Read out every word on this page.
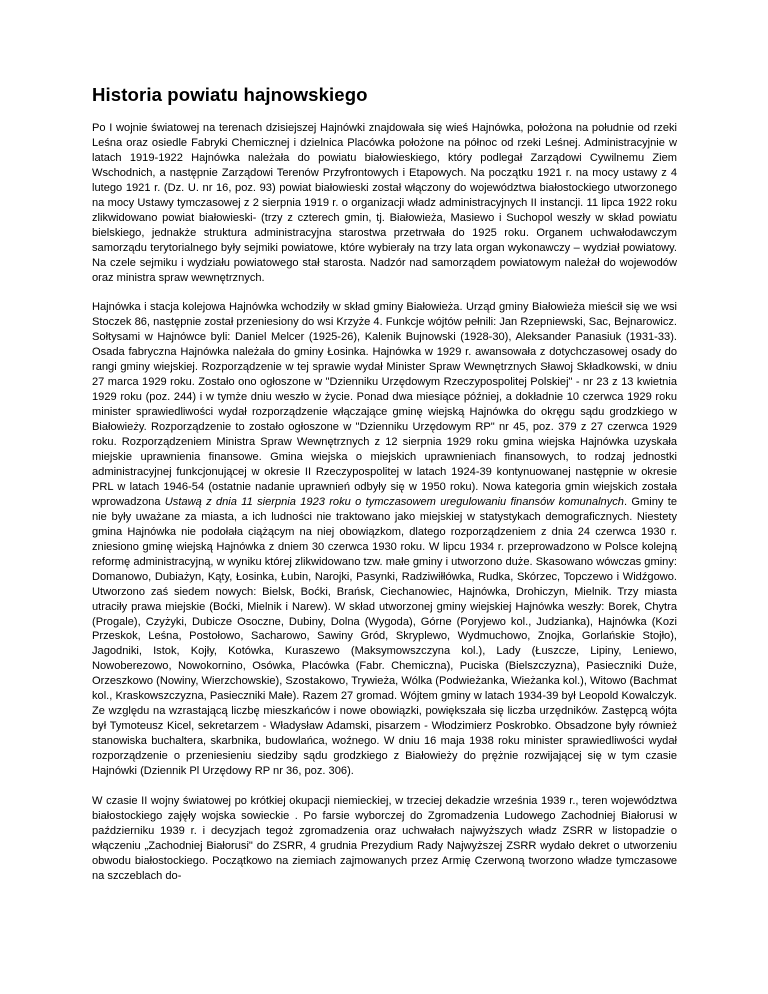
Historia powiatu hajnowskiego

Po I wojnie światowej na terenach dzisiejszej Hajnówki znajdowała się wieś Hajnówka, położona na południe od rzeki Leśna oraz osiedle Fabryki Chemicznej i dzielnica Placówka położone na północ od rzeki Leśnej. Administracyjnie w latach 1919-1922 Hajnówka należała do powiatu białowieskiego, który podlegał Zarządowi Cywilnemu Ziem Wschodnich, a następnie Zarządowi Terenów Przyfrontowych i Etapowych. Na początku 1921 r. na mocy ustawy z 4 lutego 1921 r. (Dz. U. nr 16, poz. 93) powiat białowieski został włączony do województwa białostockiego utworzonego na mocy Ustawy tymczasowej z 2 sierpnia 1919 r. o organizacji władz administracyjnych II instancji. 11 lipca 1922 roku zlikwidowano powiat białowieski- (trzy z czterech gmin, tj. Białowieża, Masiewo i Suchopol weszły w skład powiatu bielskiego, jednakże struktura administracyjna starostwa przetrwała do 1925 roku. Organem uchwałodawczym samorządu terytorialnego były sejmiki powiatowe, które wybierały na trzy lata organ wykonawczy – wydział powiatowy. Na czele sejmiku i wydziału powiatowego stał starosta. Nadzór nad samorządem powiatowym należał do wojewodów oraz ministra spraw wewnętrznych.

Hajnówka i stacja kolejowa Hajnówka wchodziły w skład gminy Białowieża. Urząd gminy Białowieża mieścił się we wsi Stoczek 86, następnie został przeniesiony do wsi Krzyże 4. Funkcje wójtów pełnili: Jan Rzepniewski, Sac, Bejnarowicz. Sołtysami w Hajnówce byli: Daniel Melcer (1925-26), Kalenik Bujnowski (1928-30), Aleksander Panasiuk (1931-33). Osada fabryczna Hajnówka należała do gminy Łosinka. Hajnówka w 1929 r. awansowała z dotychczasowej osady do rangi gminy wiejskiej. Rozporządzenie w tej sprawie wydał Minister Spraw Wewnętrznych Sławoj Składkowski, w dniu 27 marca 1929 roku. Zostało ono ogłoszone w "Dzienniku Urzędowym Rzeczypospolitej Polskiej" - nr 23 z 13 kwietnia 1929 roku (poz. 244) i w tymże dniu weszło w życie. Ponad dwa miesiące później, a dokładnie 10 czerwca 1929 roku minister sprawiedliwości wydał rozporządzenie włączające gminę wiejską Hajnówka do okręgu sądu grodzkiego w Białowieży. Rozporządzenie to zostało ogłoszone w "Dzienniku Urzędowym RP" nr 45, poz. 379 z 27 czerwca 1929 roku. Rozporządzeniem Ministra Spraw Wewnętrznych z 12 sierpnia 1929 roku gmina wiejska Hajnówka uzyskała miejskie uprawnienia finansowe. Gmina wiejska o miejskich uprawnieniach finansowych, to rodzaj jednostki administracyjnej funkcjonującej w okresie II Rzeczypospolitej w latach 1924-39 kontynuowanej następnie w okresie PRL w latach 1946-54 (ostatnie nadanie uprawnień odbyły się w 1950 roku). Nowa kategoria gmin wiejskich została wprowadzona Ustawą z dnia 11 sierpnia 1923 roku o tymczasowem uregulowaniu finansów komunalnych. Gminy te nie były uważane za miasta, a ich ludności nie traktowano jako miejskiej w statystykach demograficznych. Niestety gmina Hajnówka nie podołała ciążącym na niej obowiązkom, dlatego rozporządzeniem z dnia 24 czerwca 1930 r. zniesiono gminę wiejską Hajnówka z dniem 30 czerwca 1930 roku. W lipcu 1934 r. przeprowadzono w Polsce kolejną reformę administracyjną, w wyniku której zlikwidowano tzw. małe gminy i utworzono duże. Skasowano wówczas gminy: Domanowo, Dubiażyn, Kąty, Łosinka, Łubin, Narojki, Pasynki, Radziwiłłówka, Rudka, Skórzec, Topczewo i Widźgowo. Utworzono zaś siedem nowych: Bielsk, Boćki, Brańsk, Ciechanowiec, Hajnówka, Drohiczyn, Mielnik. Trzy miasta utraciły prawa miejskie (Boćki, Mielnik i Narew). W skład utworzonej gminy wiejskiej Hajnówka weszły: Borek, Chytra (Progale), Czyżyki, Dubicze Osoczne, Dubiny, Dolna (Wygoda), Górne (Poryjewo kol., Judzianka), Hajnówka (Kozi Przeskok, Leśna, Postołowo, Sacharowo, Sawiny Gród, Skryplewo, Wydmuchowo, Znojka, Gorlańskie Stojło), Jagodniki, Istok, Kojły, Kotówka, Kuraszewo (Maksymowszczyna kol.), Lady (Łuszcze, Lipiny, Leniewo, Nowoberezowo, Nowokornino, Osówka, Placówka (Fabr. Chemiczna), Puciska (Bielszczyzna), Pasieczniki Duże, Orzeszkowo (Nowiny, Wierzchowskie), Szostakowo, Trywieża, Wólka (Podwieżanka, Wieżanka kol.), Witowo (Bachmat kol., Kraskowszczyzna, Pasieczniki Małe). Razem 27 gromad. Wójtem gminy w latach 1934-39 był Leopold Kowalczyk. Ze względu na wzrastającą liczbę mieszkańców i nowe obowiązki, powiększała się liczba urzędników. Zastępcą wójta był Tymoteusz Kicel, sekretarzem - Władysław Adamski, pisarzem - Włodzimierz Poskrobko. Obsadzone były również stanowiska buchaltera, skarbnika, budowlańca, woźnego. W dniu 16 maja 1938 roku minister sprawiedliwości wydał rozporządzenie o przeniesieniu siedziby sądu grodzkiego z Białowieży do prężnie rozwijającej się w tym czasie Hajnówki (Dziennik Pl Urzędowy RP nr 36, poz. 306).

W czasie II wojny światowej po krótkiej okupacji niemieckiej, w trzeciej dekadzie września 1939 r., teren województwa białostockiego zajęły wojska sowieckie . Po farsie wyborczej do Zgromadzenia Ludowego Zachodniej Białorusi w październiku 1939 r. i decyzjach tegoż zgromadzenia oraz uchwałach najwyższych władz ZSRR w listopadzie o włączeniu „Zachodniej Białorusi" do ZSRR, 4 grudnia Prezydium Rady Najwyższej ZSRR wydało dekret o utworzeniu obwodu białostockiego. Początkowo na ziemiach zajmowanych przez Armię Czerwoną tworzono władze tymczasowe na szczeblach do-
